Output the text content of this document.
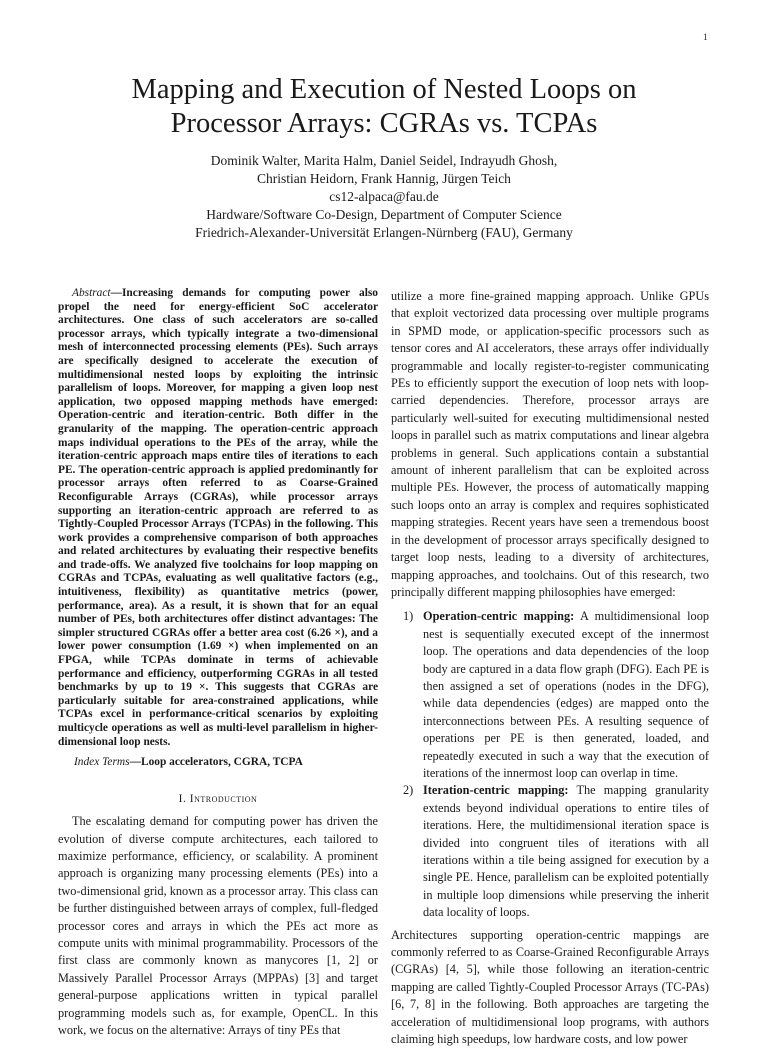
1
Mapping and Execution of Nested Loops on
Processor Arrays: CGRAs vs. TCPAs
Dominik Walter, Marita Halm, Daniel Seidel, Indrayudh Ghosh,
Christian Heidorn, Frank Hannig, Jürgen Teich
cs12-alpaca@fau.de
Hardware/Software Co-Design, Department of Computer Science
Friedrich-Alexander-Universität Erlangen-Nürnberg (FAU), Germany

Abstract—Increasing demands for computing power also propel the need for energy-efficient SoC accelerator architectures. One class of such accelerators are so-called processor arrays, which typically integrate a two-dimensional mesh of interconnected processing elements (PEs). Such arrays are specifically designed to accelerate the execution of multidimensional nested loops by exploiting the intrinsic parallelism of loops. Moreover, for mapping a given loop nest application, two opposed mapping methods have emerged: Operation-centric and iteration-centric. Both differ in the granularity of the mapping. The operation-centric approach maps individual operations to the PEs of the array, while the iteration-centric approach maps entire tiles of iterations to each PE. The operation-centric approach is applied predominantly for processor arrays often referred to as Coarse-Grained Reconfigurable Arrays (CGRAs), while processor arrays supporting an iteration-centric approach are referred to as Tightly-Coupled Processor Arrays (TCPAs) in the following. This work provides a comprehensive comparison of both approaches and related architectures by evaluating their respective benefits and trade-offs. We analyzed five toolchains for loop mapping on CGRAs and TCPAs, evaluating as well qualitative factors (e.g., intuitiveness, flexibility) as quantitative metrics (power, performance, area). As a result, it is shown that for an equal number of PEs, both architectures offer distinct advantages: The simpler structured CGRAs offer a better area cost (6.26 ×), and a lower power consumption (1.69 ×) when implemented on an FPGA, while TCPAs dominate in terms of achievable performance and efficiency, outperforming CGRAs in all tested benchmarks by up to 19 ×. This suggests that CGRAs are particularly suitable for area-constrained applications, while TCPAs excel in performance-critical scenarios by exploiting multicycle operations as well as multi-level parallelism in higher-dimensional loop nests.

Index Terms—Loop accelerators, CGRA, TCPA

I. Introduction

The escalating demand for computing power has driven the evolution of diverse compute architectures, each tailored to maximize performance, efficiency, or scalability. A prominent approach is organizing many processing elements (PEs) into a two-dimensional grid, known as a processor array. This class can be further distinguished between arrays of complex, full-fledged processor cores and arrays in which the PEs act more as compute units with minimal programmability. Processors of the first class are commonly known as manycores [1, 2] or Massively Parallel Processor Arrays (MPPAs) [3] and target general-purpose applications written in typical parallel programming models such as, for example, OpenCL. In this work, we focus on the alternative: Arrays of tiny PEs that

utilize a more fine-grained mapping approach. Unlike GPUs that exploit vectorized data processing over multiple programs in SPMD mode, or application-specific processors such as tensor cores and AI accelerators, these arrays offer individually programmable and locally register-to-register communicating PEs to efficiently support the execution of loop nets with loop-carried dependencies. Therefore, processor arrays are particularly well-suited for executing multidimensional nested loops in parallel such as matrix computations and linear algebra problems in general. Such applications contain a substantial amount of inherent parallelism that can be exploited across multiple PEs. However, the process of automatically mapping such loops onto an array is complex and requires sophisticated mapping strategies. Recent years have seen a tremendous boost in the development of processor arrays specifically designed to target loop nests, leading to a diversity of architectures, mapping approaches, and toolchains. Out of this research, two principally different mapping philosophies have emerged:

1) Operation-centric mapping: A multidimensional loop nest is sequentially executed except of the innermost loop. The operations and data dependencies of the loop body are captured in a data flow graph (DFG). Each PE is then assigned a set of operations (nodes in the DFG), while data dependencies (edges) are mapped onto the interconnections between PEs. A resulting sequence of operations per PE is then generated, loaded, and repeatedly executed in such a way that the execution of iterations of the innermost loop can overlap in time.
2) Iteration-centric mapping: The mapping granularity extends beyond individual operations to entire tiles of iterations. Here, the multidimensional iteration space is divided into congruent tiles of iterations with all iterations within a tile being assigned for execution by a single PE. Hence, parallelism can be exploited potentially in multiple loop dimensions while preserving the inherit data locality of loops.

Architectures supporting operation-centric mappings are commonly referred to as Coarse-Grained Reconfigurable Arrays (CGRAs) [4, 5], while those following an iteration-centric mapping are called Tightly-Coupled Processor Arrays (TC-PAs) [6, 7, 8] in the following. Both approaches are targeting the acceleration of multidimensional loop programs, with authors claiming high speedups, low hardware costs, and low power
